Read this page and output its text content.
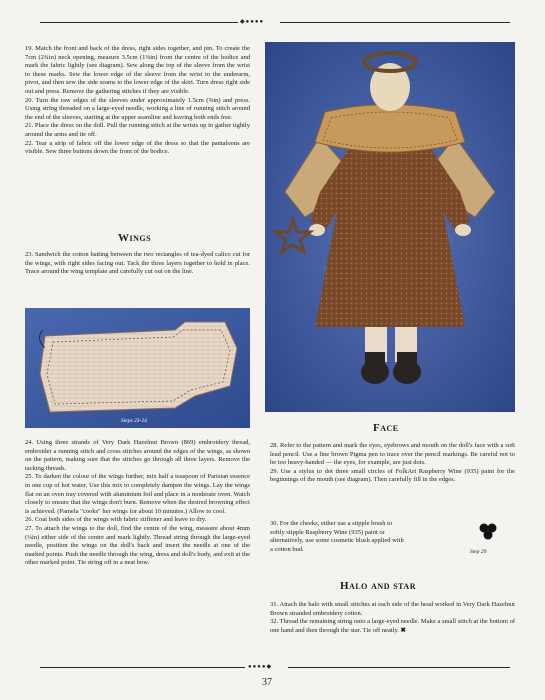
◆●●●●

19. Match the front and back of the dress, right sides together, and pin. To create the 7cm (2¾in) neck opening, measure 3.5cm (1⅜in) from the centre of the bodice and mark the fabric lightly (see diagram). Sew along the top of the sleeve from the wrist to these marks. Sew the lower edge of the sleeve from the wrist to the underarm, pivot, and then sew the side seams to the lower edge of the skirt. Turn dress right side out and press. Remove the gathering stitches if they are visible.

20. Turn the raw edges of the sleeves under approximately 1.5cm (⅝in) and press. Using string threaded on a large-eyed needle, working a line of running stitch around the end of the sleeves, starting at the upper seamline and leaving both ends free.

21. Place the dress on the doll. Pull the running stitch at the wrists up to gather tightly around the arms and tie off.

22. Tear a strip of fabric off the lower edge of the dress so that the pantaloons are visible. Sew three buttons down the front of the bodice.

Wings

23. Sandwich the cotton batting between the two rectangles of tea-dyed calico cut for the wings, with right sides facing out. Tack the three layers together to hold in place. Trace around the wing template and carefully cut out on the line.

Steps 23-24

24. Using three strands of Very Dark Hazelnut Brown (869) embroidery thread, embroider a running stitch and cross stitches around the edges of the wings, as shown on the pattern, making sure that the stitches go through all three layers. Remove the tacking threads.

25. To darken the colour of the wings further, mix half a teaspoon of Parisian essence in one cup of hot water. Use this mix to completely dampen the wings. Lay the wings flat on an oven tray covered with aluminium foil and place in a moderate oven. Watch closely to ensure that the wings don't burn. Remove when the desired browning effect is achieved. (Pamela "cooks" her wings for about 10 minutes.) Allow to cool.

26. Coat both sides of the wings with fabric stiffener and leave to dry.

27. To attach the wings to the doll, find the centre of the wing, measure about 4mm (¼in) either side of the centre and mark lightly. Thread string through the large-eyed needle, position the wings on the doll's back and insert the needle at one of the marked points. Push the needle through the wing, dress and doll's body, and exit at the other marked point. Tie string off in a neat bow.

Face

28. Refer to the pattern and mark the eyes, eyebrows and mouth on the doll's face with a soft lead pencil. Use a fine brown Pigma pen to trace over the pencil markings. Be careful not to be too heavy-handed — the eyes, for example, are just dots.

29. Use a stylus to dot three small circles of FolkArt Raspberry Wine (935) paint for the beginnings of the mouth (see diagram). Then carefully fill in the edges.

30. For the cheeks, either use a stipple brush to
softly stipple Raspberry Wine (935) paint or
alternatively, use some cosmetic blush applied with
a cotton bud.	Step 29
Halo and star

31. Attach the halo with small stitches at each side of the head worked in Very Dark Hazelnut Brown stranded embroidery cotton.

32. Thread the remaining string onto a large-eyed needle. Make a small stitch at the bottom of one hand and then through the star. Tie off neatly. ✖

●●●●◆
37
